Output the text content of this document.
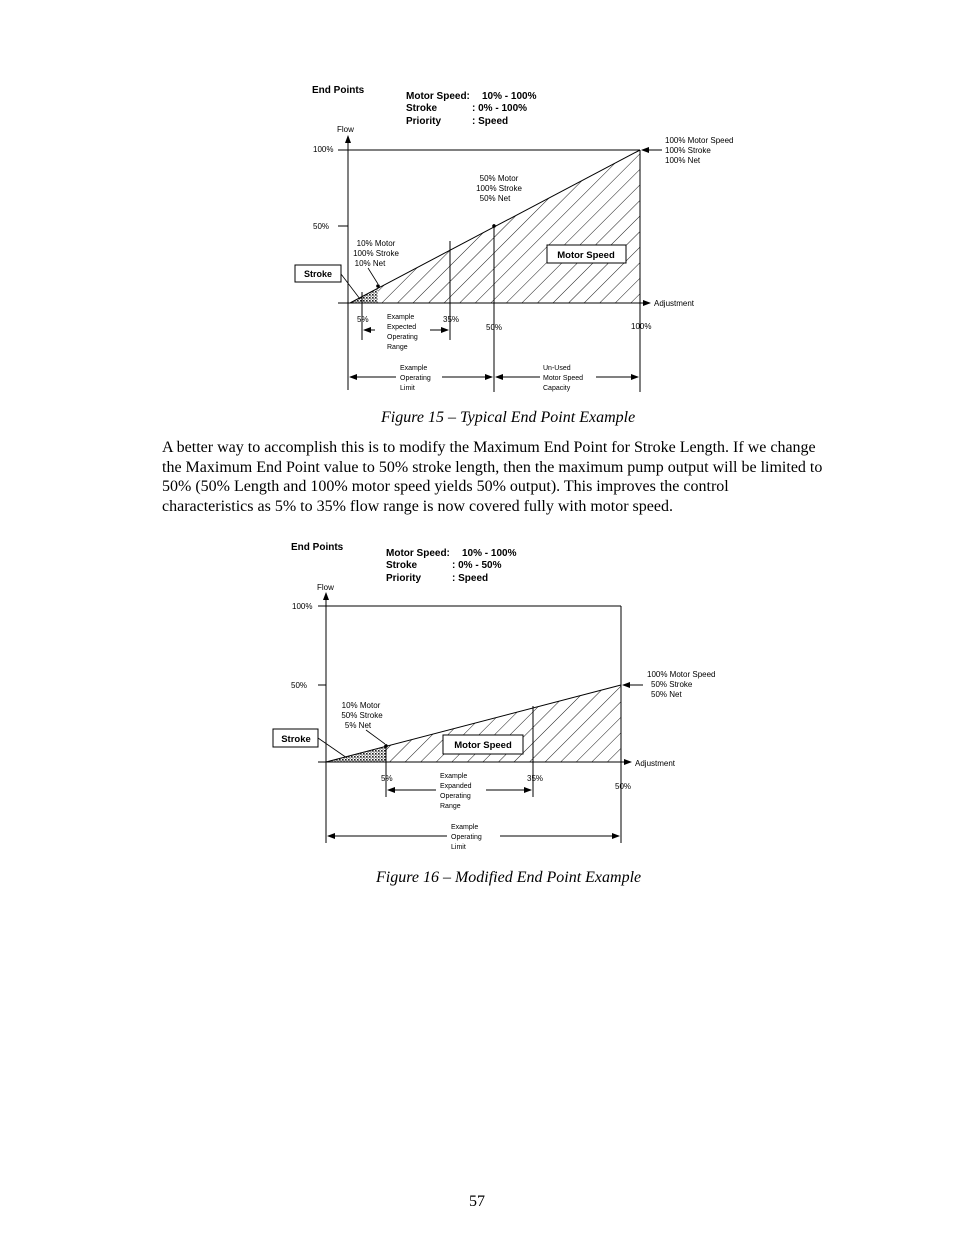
End Points
Motor Speed: 10% - 100%
Stroke	: 0% - 100%
Priority	: Speed
Flow
100%
50%
Adjustment
Stroke
Motor Speed
10% Motor
100% Stroke
10% Net
50% Motor
100% Stroke
50% Net
100% Motor Speed
100% Stroke
100% Net
5%	35%
50%	100%
Example
Expected
Operating
Range
Example
Operating
Limit
Un-Used
Motor Speed
Capacity
End Points
Motor Speed: 10% - 100%
Stroke	: 0% - 50%
Priority	: Speed
Flow
100%
50%
Adjustment
Stroke
Motor Speed
10% Motor
50% Stroke
5% Net
100% Motor Speed
50% Stroke
50% Net
5%	35%
50%
Example
Expanded
Operating
Range
Example
Operating
Limit
Figure 15 – Typical End Point Example
A better way to accomplish this is to modify the Maximum End Point for Stroke Length. If we change
the Maximum End Point value to 50% stroke length, then the maximum pump output will be limited to
50% (50% Length and 100% motor speed yields 50% output). This improves the control
characteristics as 5% to 35% flow range is now covered fully with motor speed.
Figure 16 – Modified End Point Example
57
